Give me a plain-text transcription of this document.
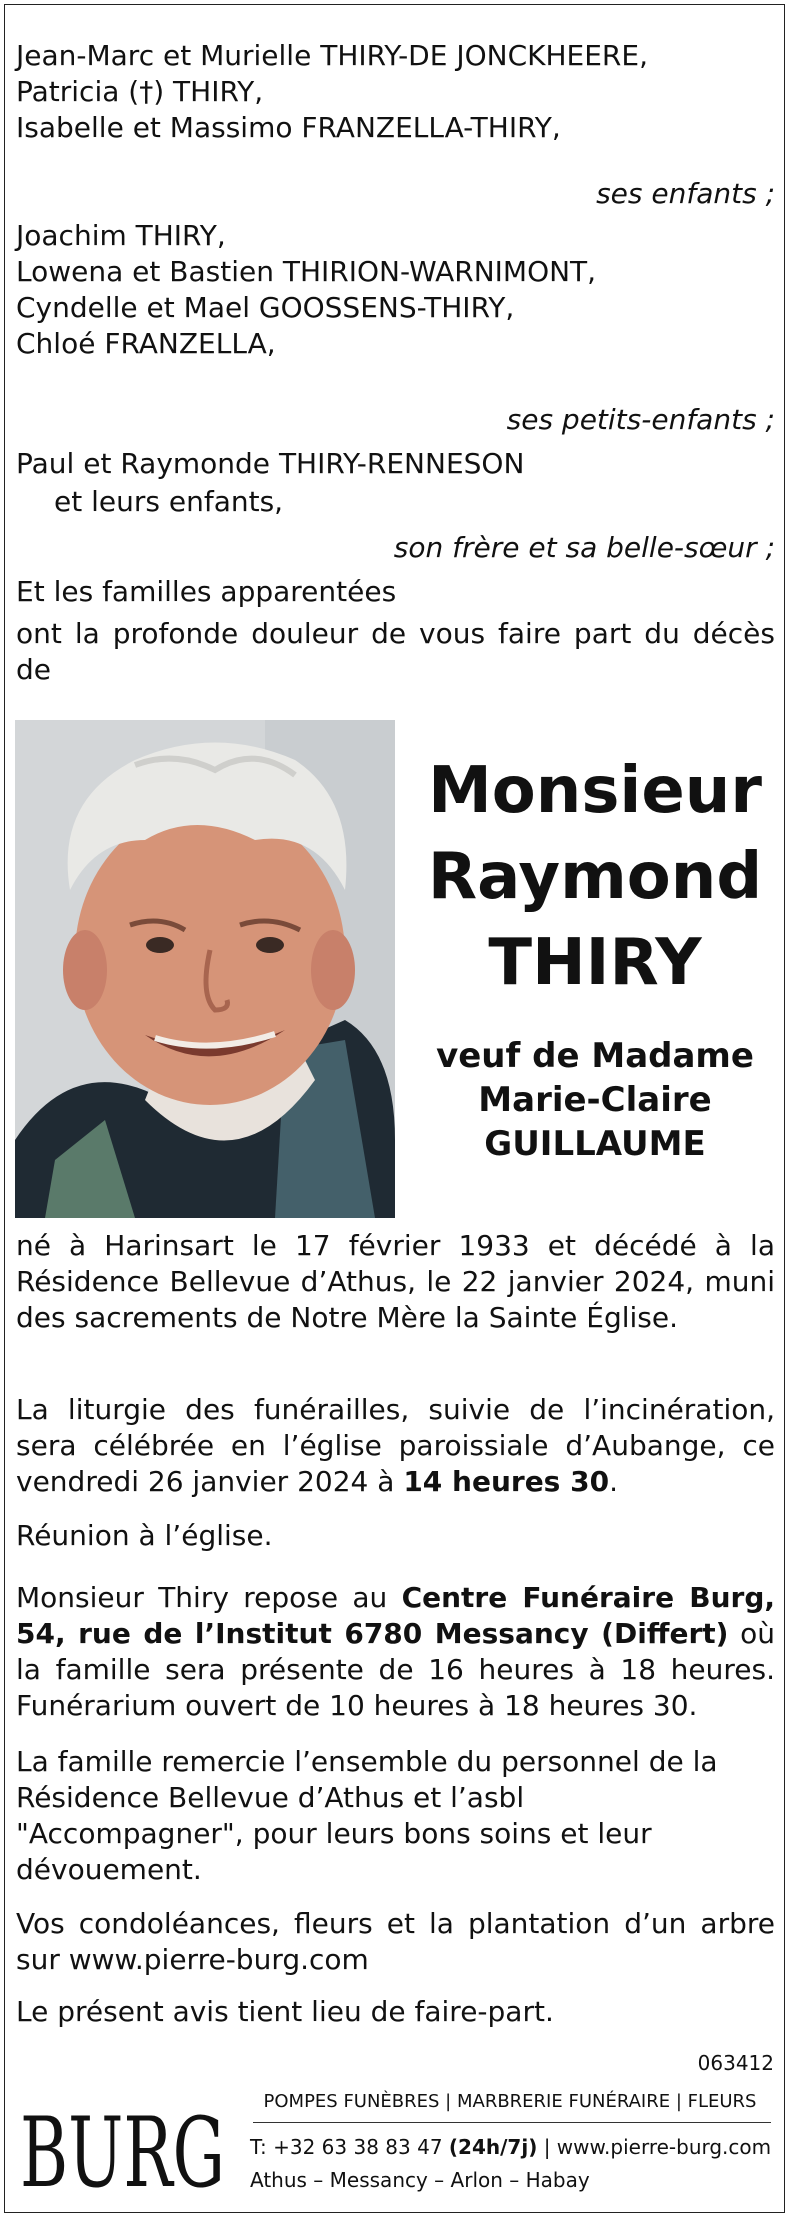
Jean-Marc et Murielle THIRY-DE JONCKHEERE,
Patricia (†) THIRY,
Isabelle et Massimo FRANZELLA-THIRY,

ses enfants ;

Joachim THIRY,
Lowena et Bastien THIRION-WARNIMONT,
Cyndelle et Mael GOOSSENS-THIRY,
Chloé FRANZELLA,

ses petits-enfants ;

Paul et Raymonde THIRY-RENNESON

et leurs enfants,

son frère et sa belle-sœur ;

Et les familles apparentées

ont la profonde douleur de vous faire part du décès de

Monsieur
Raymond
THIRY
veuf de Madame
Marie-Claire
GUILLAUME

né à Harinsart le 17 février 1933 et décédé à la Résidence Bellevue d’Athus, le 22 janvier 2024, muni des sacrements de Notre Mère la Sainte Église.

La liturgie des funérailles, suivie de l’incinération, sera célébrée en l’église paroissiale d’Aubange, ce vendredi 26 janvier 2024 à 14 heures 30.

Réunion à l’église.

Monsieur Thiry repose au Centre Funéraire Burg, 54, rue de l’Institut 6780 Messancy (Differt) où la famille sera présente de 16 heures à 18 heures. Funérarium ouvert de 10 heures à 18 heures 30.

La famille remercie l’ensemble du personnel de la Résidence Bellevue d’Athus et l’asbl "Accompagner", pour leurs bons soins et leur dévouement.

Vos condoléances, fleurs et la plantation d’un arbre sur www.pierre-burg.com

Le présent avis tient lieu de faire-part.

063412
BURG	POMPES FUNÈBRES | MARBRERIE FUNÉRAIRE | FLEURS

T: +32 63 38 83 47 (24h/7j) | www.pierre-burg.com

Athus – Messancy – Arlon – Habay
